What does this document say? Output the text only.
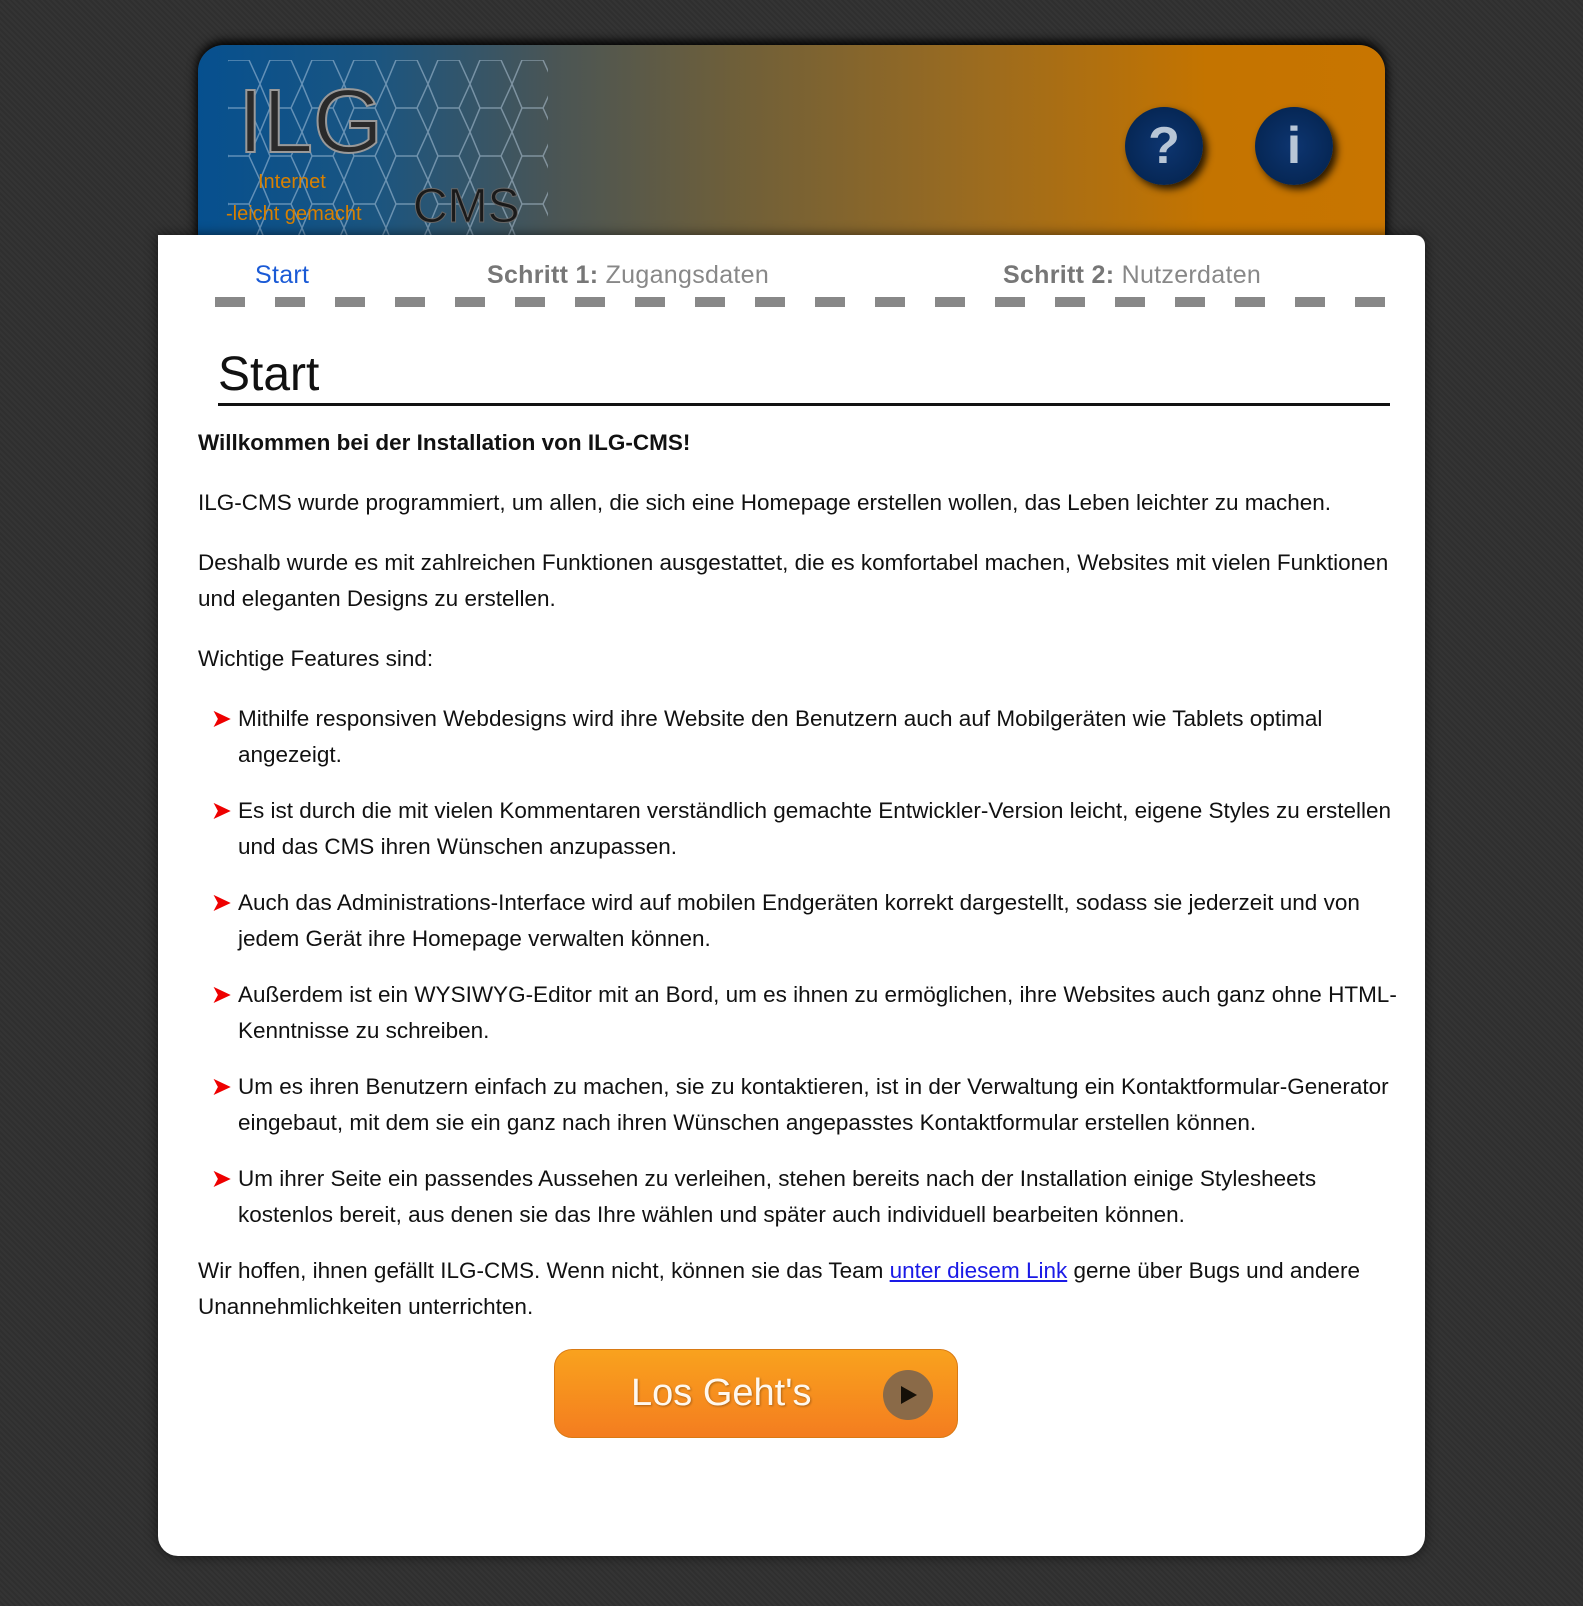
ILG
CMS
Internet
-leicht gemacht
? i
Start	Schritt 1: Zugangsdaten	Schritt 2: Nutzerdaten
Start

Willkommen bei der Installation von ILG-CMS!

ILG-CMS wurde programmiert, um allen, die sich eine Homepage erstellen wollen, das Leben leichter zu machen.

Deshalb wurde es mit zahlreichen Funktionen ausgestattet, die es komfortabel machen, Websites mit vielen Funktionen und eleganten Designs zu erstellen.

Wichtige Features sind:

➤ Mithilfe responsiven Webdesigns wird ihre Website den Benutzern auch auf Mobilgeräten wie Tablets optimal angezeigt.
➤ Es ist durch die mit vielen Kommentaren verständlich gemachte Entwickler-Version leicht, eigene Styles zu erstellen und das CMS ihren Wünschen anzupassen.
➤ Auch das Administrations-Interface wird auf mobilen Endgeräten korrekt dargestellt, sodass sie jederzeit und von jedem Gerät ihre Homepage verwalten können.
➤ Außerdem ist ein WYSIWYG-Editor mit an Bord, um es ihnen zu ermöglichen, ihre Websites auch ganz ohne HTML-Kenntnisse zu schreiben.
➤ Um es ihren Benutzern einfach zu machen, sie zu kontaktieren, ist in der Verwaltung ein Kontaktformular-Generator eingebaut, mit dem sie ein ganz nach ihren Wünschen angepasstes Kontaktformular erstellen können.
➤ Um ihrer Seite ein passendes Aussehen zu verleihen, stehen bereits nach der Installation einige Stylesheets kostenlos bereit, aus denen sie das Ihre wählen und später auch individuell bearbeiten können.

Wir hoffen, ihnen gefällt ILG-CMS. Wenn nicht, können sie das Team unter diesem Link gerne über Bugs und andere Unannehmlichkeiten unterrichten.

Los Geht's
